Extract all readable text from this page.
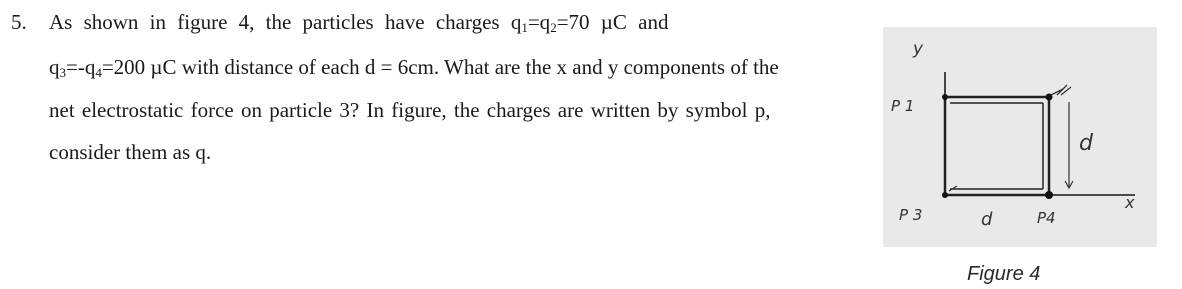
5. As shown in figure 4, the particles have charges $q_1=q_2=70$ µC and
$q_3=-q_4=200$ µC with distance of each d = 6cm. What are the x and y components of the
net electrostatic force on particle 3? In figure, the charges are written by symbol p,
consider them as q.
y
P 1
d
x
P 3	d	P4
Figure 4
